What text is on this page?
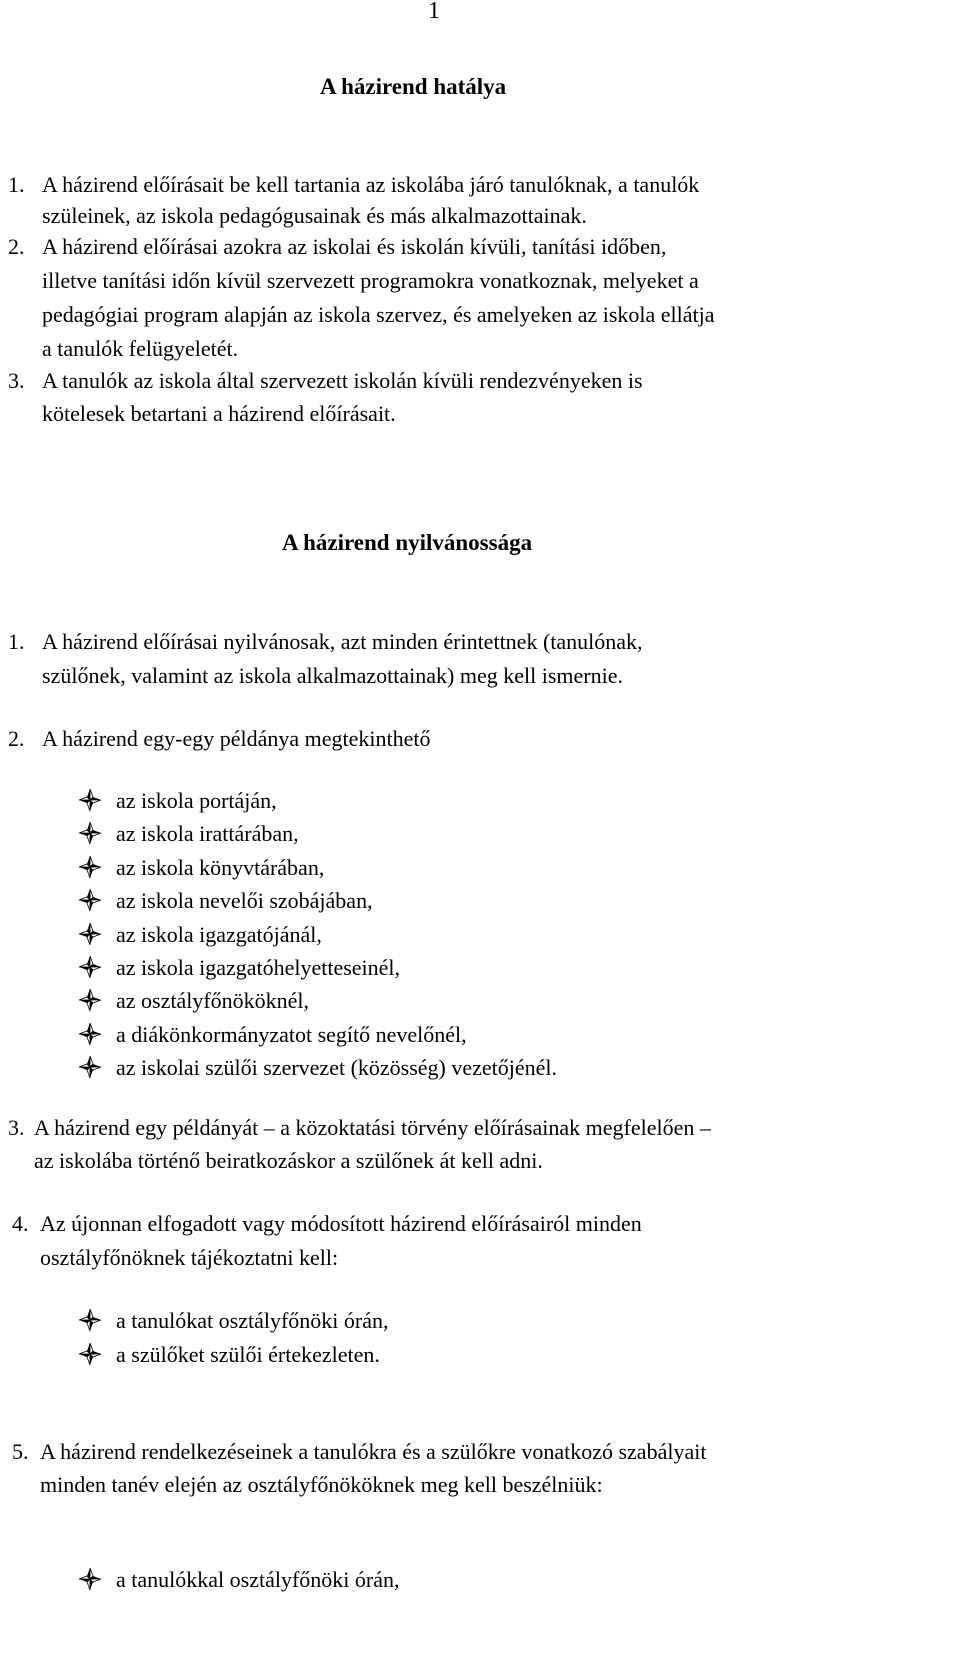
1
A házirend hatálya
1. A házirend előírásait be kell tartania az iskolába járó tanulóknak, a tanulók
szüleinek, az iskola pedagógusainak és más alkalmazottainak.
2. A házirend előírásai azokra az iskolai és iskolán kívüli, tanítási időben,
illetve tanítási időn kívül szervezett programokra vonatkoznak, melyeket a
pedagógiai program alapján az iskola szervez, és amelyeken az iskola ellátja
a tanulók felügyeletét.
3. A tanulók az iskola által szervezett iskolán kívüli rendezvényeken is
kötelesek betartani a házirend előírásait.
A házirend nyilvánossága
1. A házirend előírásai nyilvánosak, azt minden érintettnek (tanulónak,
szülőnek, valamint az iskola alkalmazottainak) meg kell ismernie.
2. A házirend egy-egy példánya megtekinthető
az iskola portáján,
az iskola irattárában,
az iskola könyvtárában,
az iskola nevelői szobájában,
az iskola igazgatójánál,
az iskola igazgatóhelyetteseinél,
az osztályfőnököknél,
a diákönkormányzatot segítő nevelőnél,
az iskolai szülői szervezet (közösség) vezetőjénél.
3. A házirend egy példányát – a közoktatási törvény előírásainak megfelelően –
az iskolába történő beiratkozáskor a szülőnek át kell adni.
4. Az újonnan elfogadott vagy módosított házirend előírásairól minden
osztályfőnöknek tájékoztatni kell:
a tanulókat osztályfőnöki órán,
a szülőket szülői értekezleten.
5. A házirend rendelkezéseinek a tanulókra és a szülőkre vonatkozó szabályait
minden tanév elején az osztályfőnököknek meg kell beszélniük:
a tanulókkal osztályfőnöki órán,
